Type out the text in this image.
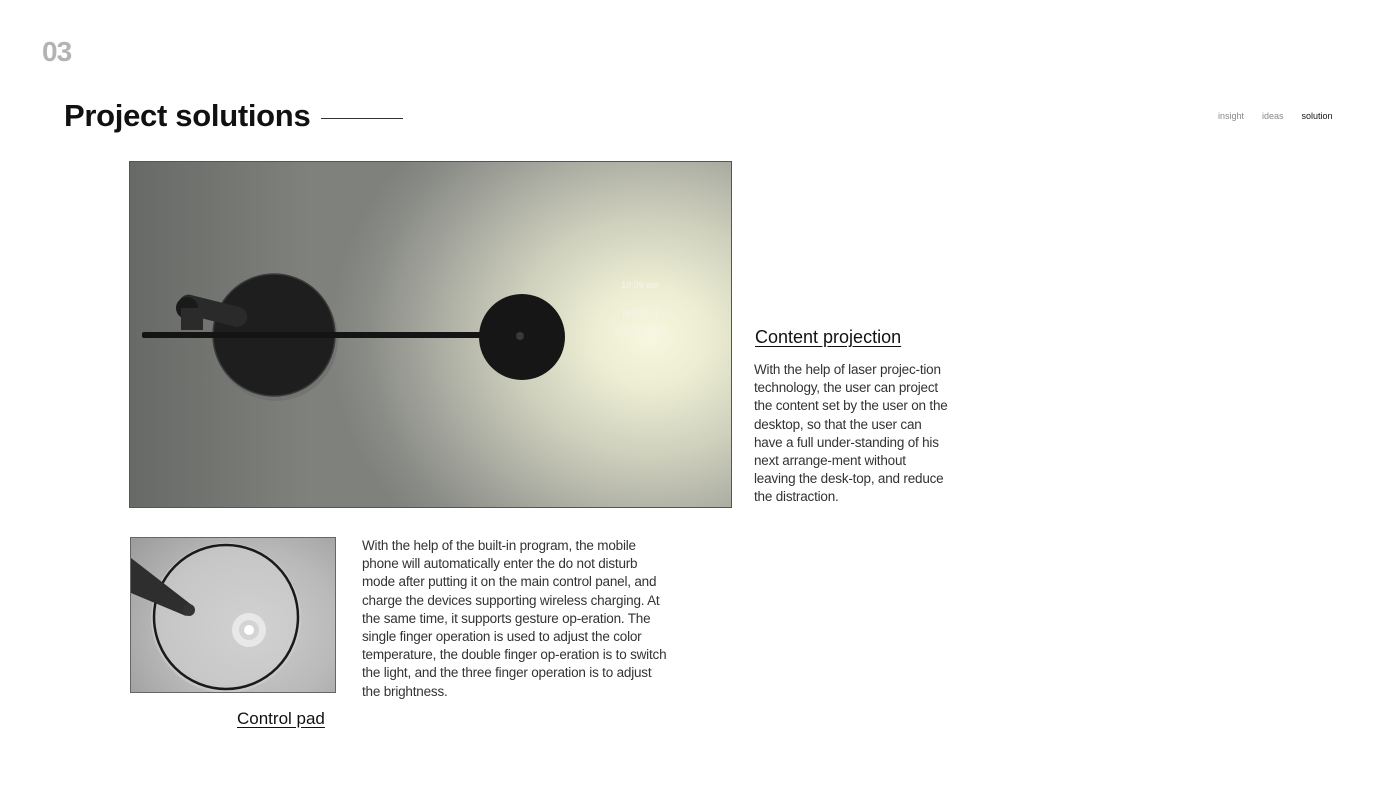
03
Project solutions	insight ideas solution
10:09 am
阅读报刊
英语文章阅读	Content projection

With the help of laser projec-tion technology, the user can project the content set by the user on the desktop, so that the user can have a full under-standing of his next arrange-ment without leaving the desk-top, and reduce the distraction.

With the help of the built-in program, the mobile phone will automatically enter the do not disturb mode after putting it on the main control panel, and charge the devices supporting wireless charging. At the same time, it supports gesture op-eration. The single finger operation is used to adjust the color temperature, the double finger op-eration is to switch the light, and the three finger operation is to adjust the brightness.

Control pad
